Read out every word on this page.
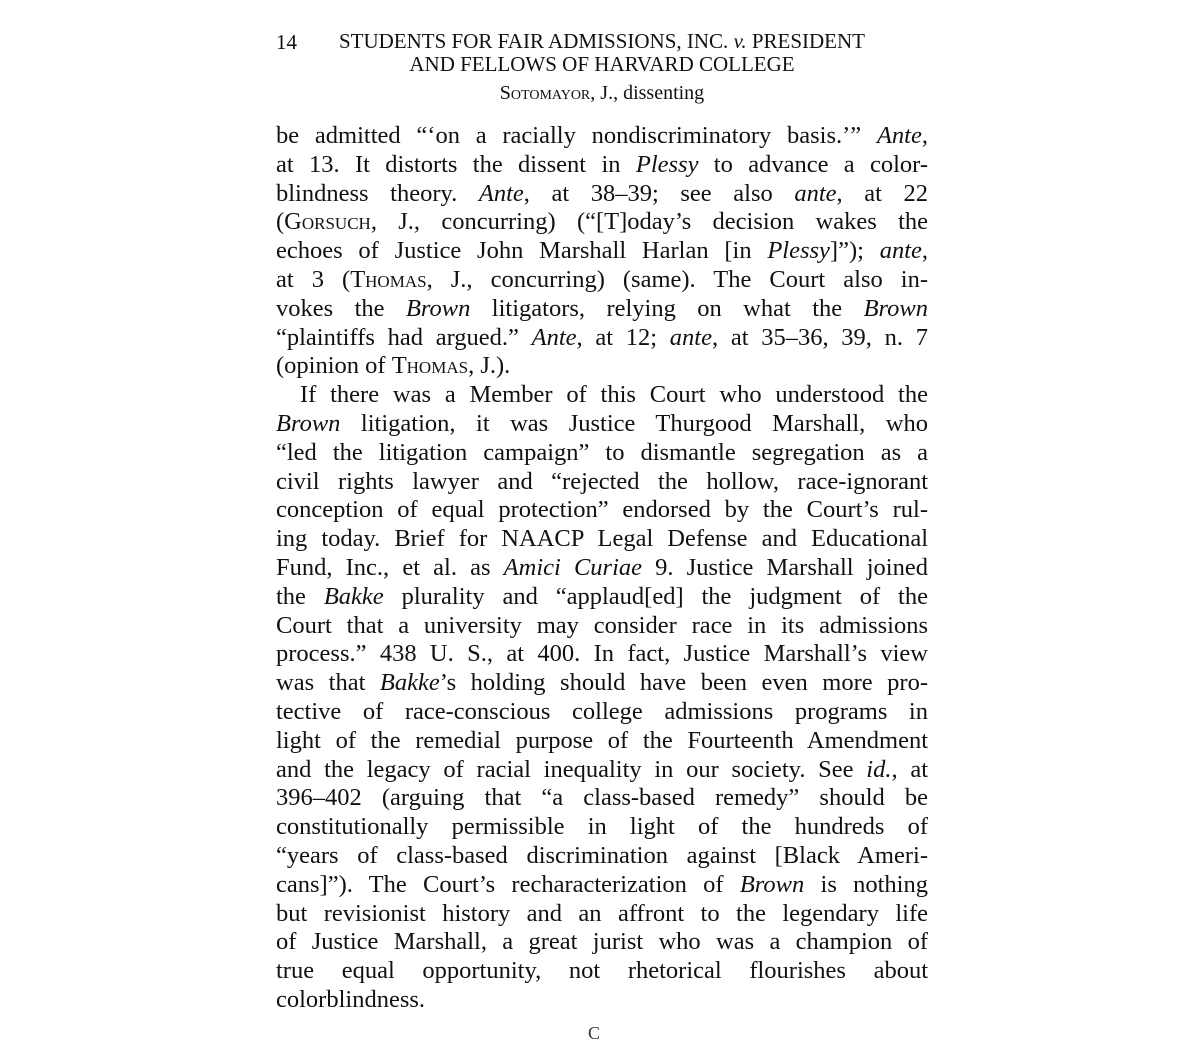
14	STUDENTS FOR FAIR ADMISSIONS, INC. v. PRESIDENT
AND FELLOWS OF HARVARD COLLEGE
Sotomayor, J., dissenting

be admitted “‘on a racially nondiscriminatory basis.’” Ante,
at 13. It distorts the dissent in Plessy to advance a color-
blindness theory. Ante, at 38–39; see also ante, at 22
(Gorsuch, J., concurring) (“[T]oday’s decision wakes the
echoes of Justice John Marshall Harlan [in Plessy]”); ante,
at 3 (Thomas, J., concurring) (same). The Court also in-
vokes the Brown litigators, relying on what the Brown
“plaintiffs had argued.” Ante, at 12; ante, at 35–36, 39, n. 7
(opinion of Thomas, J.).

If there was a Member of this Court who understood the
Brown litigation, it was Justice Thurgood Marshall, who
“led the litigation campaign” to dismantle segregation as a
civil rights lawyer and “rejected the hollow, race-ignorant
conception of equal protection” endorsed by the Court’s rul-
ing today. Brief for NAACP Legal Defense and Educational
Fund, Inc., et al. as Amici Curiae 9. Justice Marshall joined
the Bakke plurality and “applaud[ed] the judgment of the
Court that a university may consider race in its admissions
process.” 438 U. S., at 400. In fact, Justice Marshall’s view
was that Bakke’s holding should have been even more pro-
tective of race-conscious college admissions programs in
light of the remedial purpose of the Fourteenth Amendment
and the legacy of racial inequality in our society. See id., at
396–402 (arguing that “a class-based remedy” should be
constitutionally permissible in light of the hundreds of
“years of class-based discrimination against [Black Ameri-
cans]”). The Court’s recharacterization of Brown is nothing
but revisionist history and an affront to the legendary life
of Justice Marshall, a great jurist who was a champion of
true equal opportunity, not rhetorical flourishes about
colorblindness.

C
